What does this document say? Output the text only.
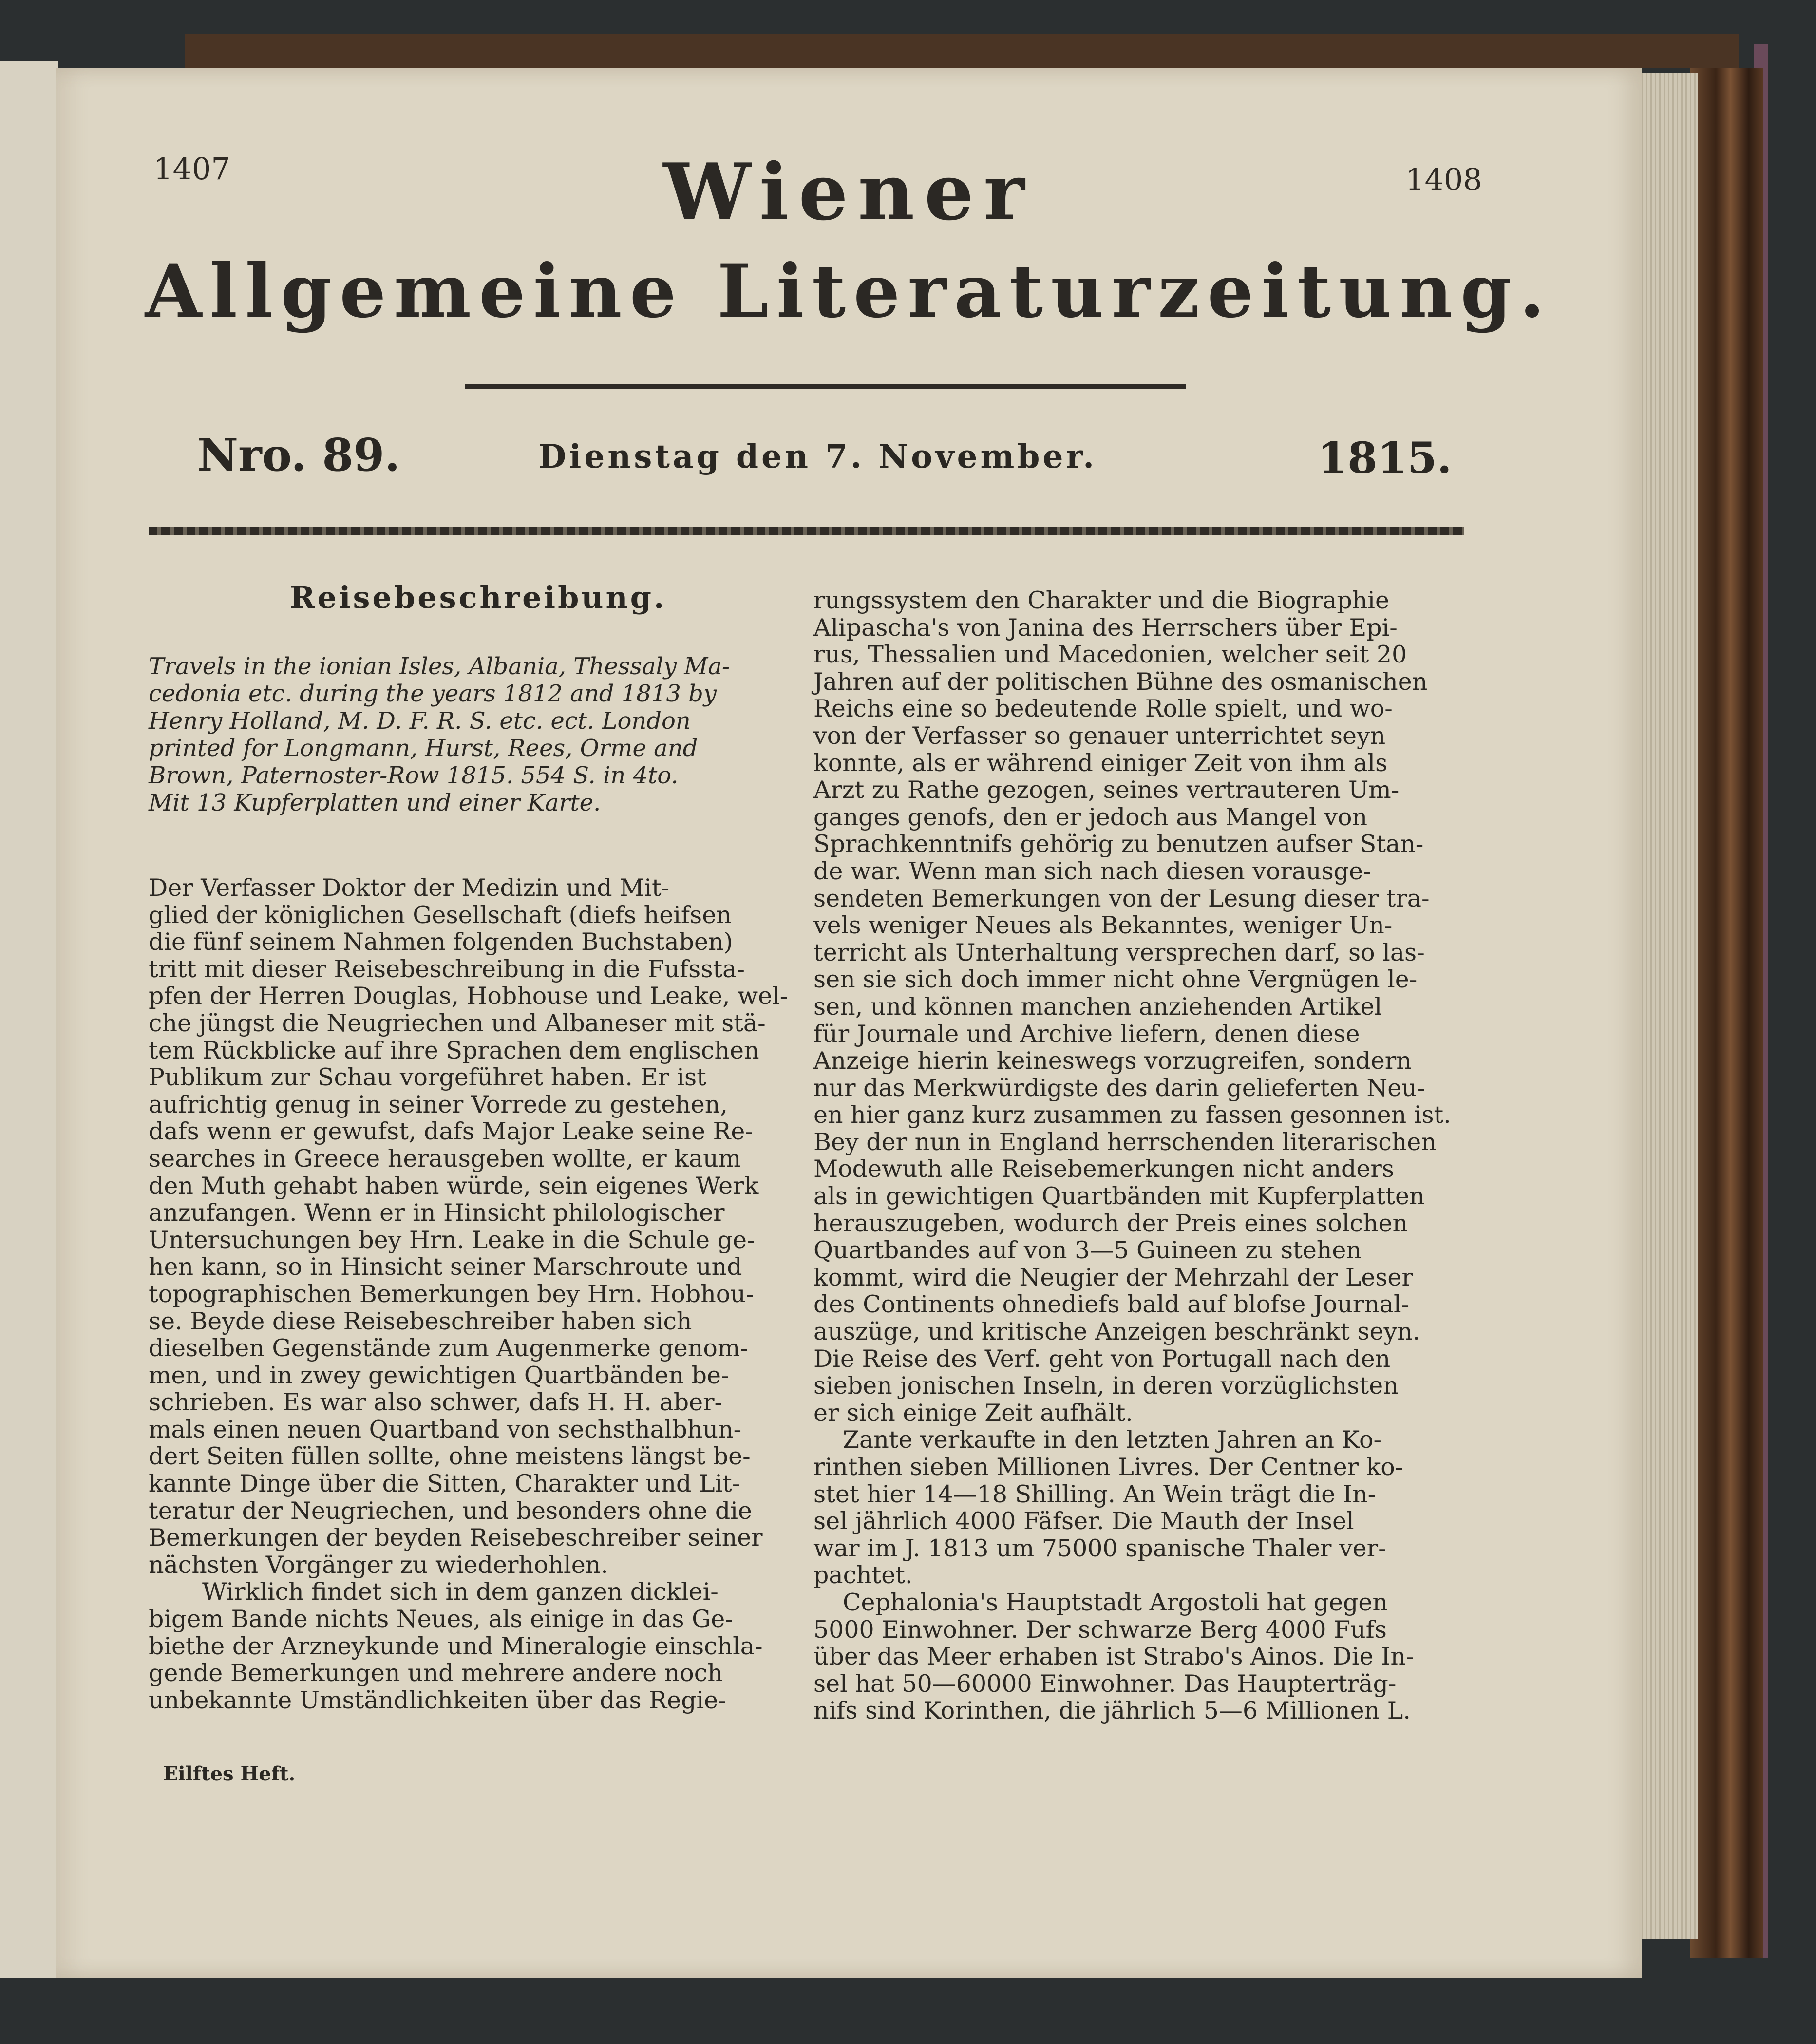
1407	1408
Wiener
Allgemeine Literaturzeitung.
Nro. 89.	Dienstag den 7. November.	1815.
Reisebeschreibung.
Travels in the ionian Isles, Albania, Thessaly Ma-
cedonia etc. during the years 1812 and 1813 by
Henry Holland, M. D. F. R. S. etc. ect. London
printed for Longmann, Hurst, Rees, Orme and
Brown, Paternoster-Row 1815. 554 S. in 4to.
Mit 13 Kupferplatten und einer Karte.
Der Verfasser Doktor der Medizin und Mit-
glied der königlichen Gesellschaft (diefs heifsen
die fünf seinem Nahmen folgenden Buchstaben)
tritt mit dieser Reisebeschreibung in die Fufssta-
pfen der Herren Douglas, Hobhouse und Leake, wel-
che jüngst die Neugriechen und Albaneser mit stä-
tem Rückblicke auf ihre Sprachen dem englischen
Publikum zur Schau vorgeführet haben. Er ist
aufrichtig genug in seiner Vorrede zu gestehen,
dafs wenn er gewufst, dafs Major Leake seine Re-
searches in Greece herausgeben wollte, er kaum
den Muth gehabt haben würde, sein eigenes Werk
anzufangen. Wenn er in Hinsicht philologischer
Untersuchungen bey Hrn. Leake in die Schule ge-
hen kann, so in Hinsicht seiner Marschroute und
topographischen Bemerkungen bey Hrn. Hobhou-
se. Beyde diese Reisebeschreiber haben sich
dieselben Gegenstände zum Augenmerke genom-
men, und in zwey gewichtigen Quartbänden be-
schrieben. Es war also schwer, dafs H. H. aber-
mals einen neuen Quartband von sechsthalbhun-
dert Seiten füllen sollte, ohne meistens längst be-
kannte Dinge über die Sitten, Charakter und Lit-
teratur der Neugriechen, und besonders ohne die
Bemerkungen der beyden Reisebeschreiber seiner
nächsten Vorgänger zu wiederhohlen.
Wirklich findet sich in dem ganzen dicklei-
bigem Bande nichts Neues, als einige in das Ge-
biethe der Arzneykunde und Mineralogie einschla-
gende Bemerkungen und mehrere andere noch
unbekannte Umständlichkeiten über das Regie-
Eilftes Heft.
rungssystem den Charakter und die Biographie
Alipascha's von Janina des Herrschers über Epi-
rus, Thessalien und Macedonien, welcher seit 20
Jahren auf der politischen Bühne des osmanischen
Reichs eine so bedeutende Rolle spielt, und wo-
von der Verfasser so genauer unterrichtet seyn
konnte, als er während einiger Zeit von ihm als
Arzt zu Rathe gezogen, seines vertrauteren Um-
ganges genofs, den er jedoch aus Mangel von
Sprachkenntnifs gehörig zu benutzen aufser Stan-
de war. Wenn man sich nach diesen vorausge-
sendeten Bemerkungen von der Lesung dieser tra-
vels weniger Neues als Bekanntes, weniger Un-
terricht als Unterhaltung versprechen darf, so las-
sen sie sich doch immer nicht ohne Vergnügen le-
sen, und können manchen anziehenden Artikel
für Journale und Archive liefern, denen diese
Anzeige hierin keineswegs vorzugreifen, sondern
nur das Merkwürdigste des darin gelieferten Neu-
en hier ganz kurz zusammen zu fassen gesonnen ist.
Bey der nun in England herrschenden literarischen
Modewuth alle Reisebemerkungen nicht anders
als in gewichtigen Quartbänden mit Kupferplatten
herauszugeben, wodurch der Preis eines solchen
Quartbandes auf von 3—5 Guineen zu stehen
kommt, wird die Neugier der Mehrzahl der Leser
des Continents ohnediefs bald auf blofse Journal-
auszüge, und kritische Anzeigen beschränkt seyn.
Die Reise des Verf. geht von Portugall nach den
sieben jonischen Inseln, in deren vorzüglichsten
er sich einige Zeit aufhält.
Zante verkaufte in den letzten Jahren an Ko-
rinthen sieben Millionen Livres. Der Centner ko-
stet hier 14—18 Shilling. An Wein trägt die In-
sel jährlich 4000 Fäfser. Die Mauth der Insel
war im J. 1813 um 75000 spanische Thaler ver-
pachtet.
Cephalonia's Hauptstadt Argostoli hat gegen
5000 Einwohner. Der schwarze Berg 4000 Fufs
über das Meer erhaben ist Strabo's Ainos. Die In-
sel hat 50—60000 Einwohner. Das Haupterträg-
nifs sind Korinthen, die jährlich 5—6 Millionen L.
